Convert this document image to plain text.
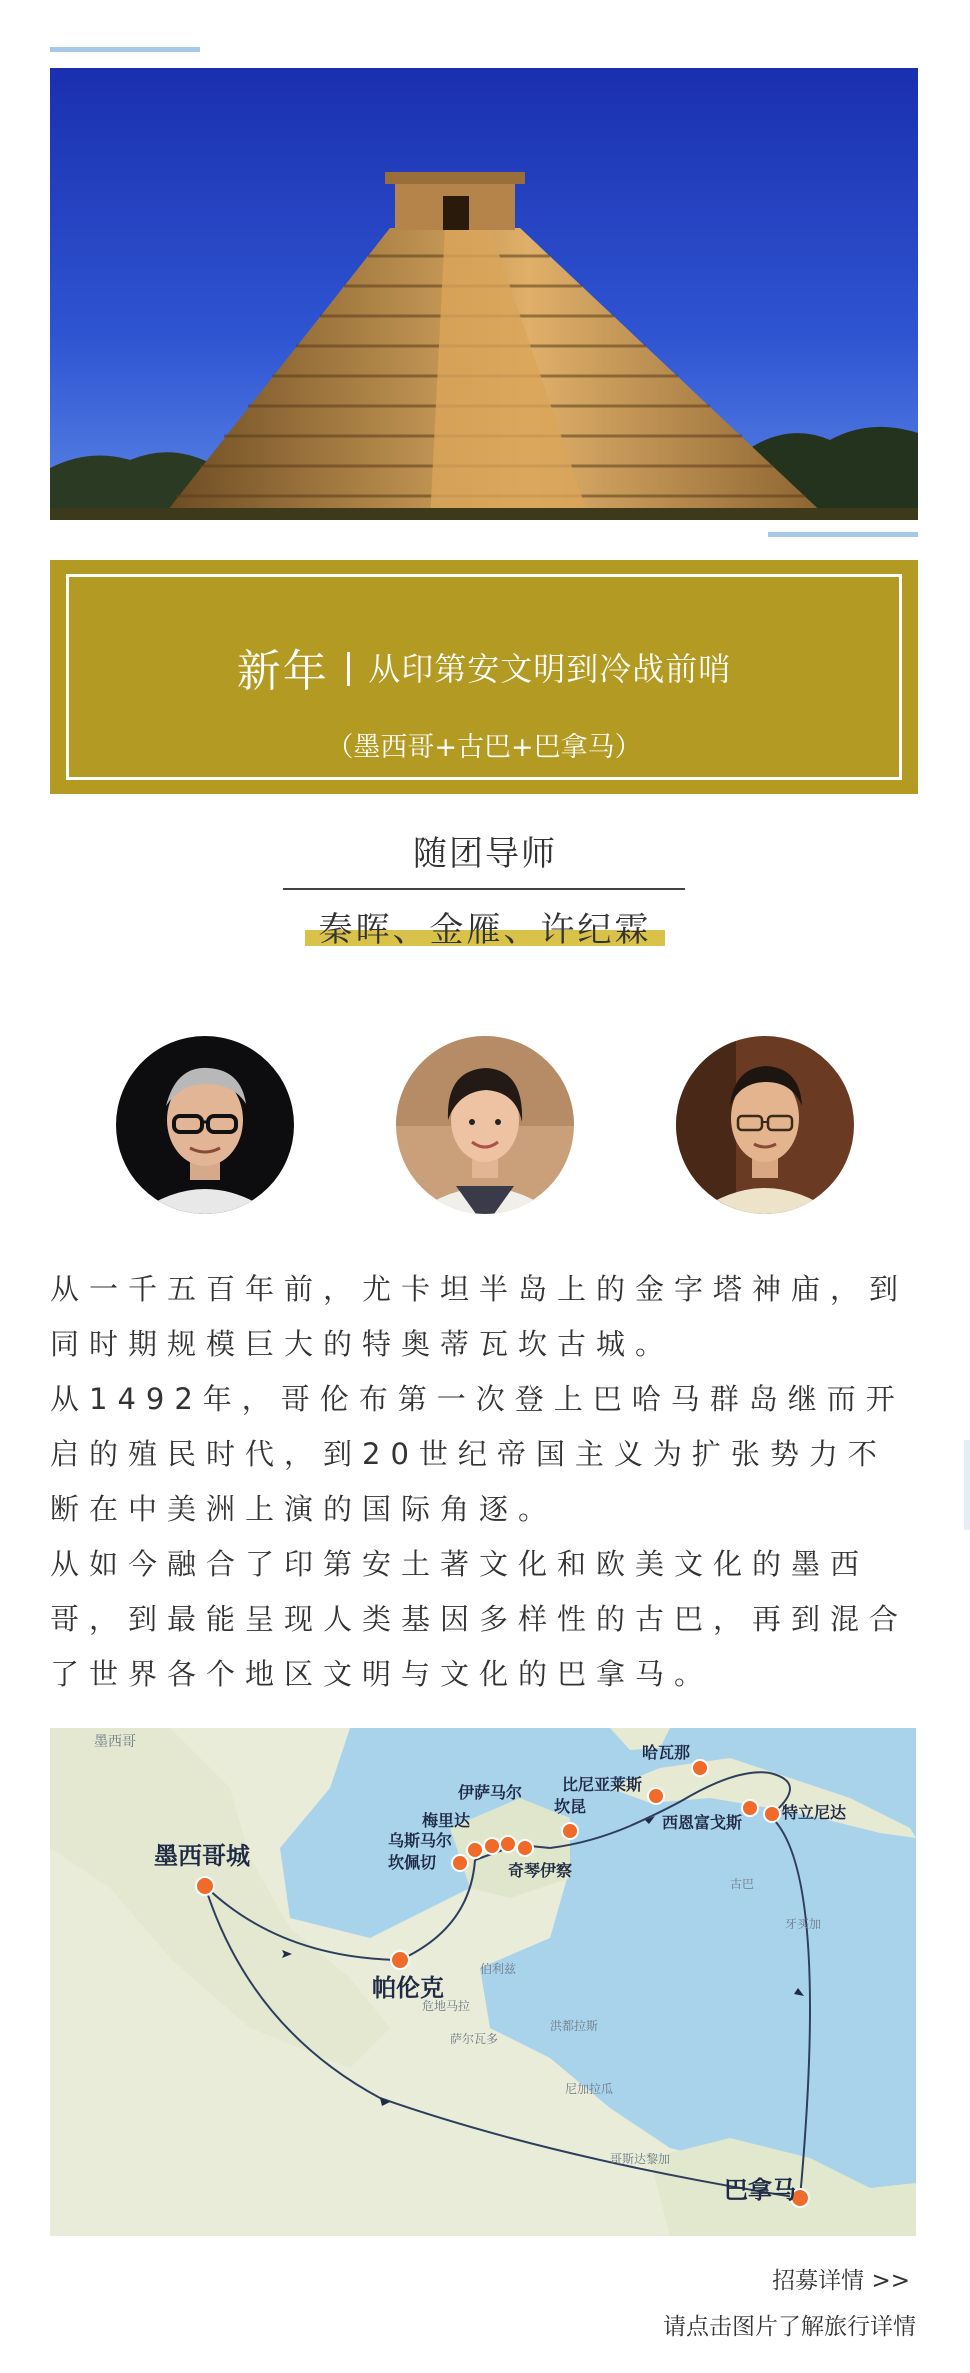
新年 | 从印第安文明到冷战前哨
（墨西哥+古巴+巴拿马）
随团导师
秦晖、金雁、许纪霖

从一千五百年前，尤卡坦半岛上的金字塔神庙，到同时期规模巨大的特奥蒂瓦坎古城。

从1492年，哥伦布第一次登上巴哈马群岛继而开启的殖民时代，到20世纪帝国主义为扩张势力不断在中美洲上演的国际角逐。

从如今融合了印第安土著文化和欧美文化的墨西哥，到最能呈现人类基因多样性的古巴，再到混合了世界各个地区文明与文化的巴拿马。

墨西哥
危地马拉
伯利兹
洪都拉斯
尼加拉瓜
萨尔瓦多
哥斯达黎加
古巴
牙买加
墨西哥城
帕伦克
坎佩切
乌斯马尔
梅里达
伊萨马尔
奇琴伊察
坎昆
比尼亚莱斯
哈瓦那
西恩富戈斯
特立尼达
巴拿马
招募详情 >>
请点击图片了解旅行详情
